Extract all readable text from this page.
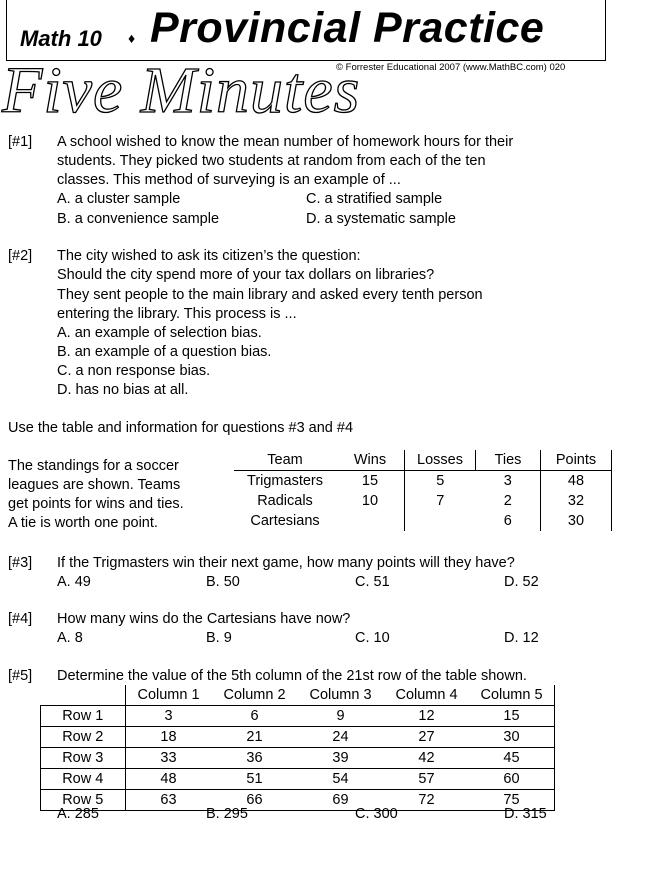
Math 10 ♦ Provincial Practice
© Forrester Educational 2007 (www.MathBC.com) 020
Five Minutes
[#1] A school wished to know the mean number of homework hours for their
students. They picked two students at random from each of the ten
classes. This method of surveying is an example of ...
A. a cluster sample	C. a stratified sample
B. a convenience sample	D. a systematic sample
[#2] The city wished to ask its citizen’s the question:
Should the city spend more of your tax dollars on libraries?
They sent people to the main library and asked every tenth person
entering the library. This process is ...
A. an example of selection bias.
B. an example of a question bias.
C. a non response bias.
D. has no bias at all.
Use the table and information for questions #3 and #4
The standings for a soccer
leagues are shown. Teams
get points for wins and ties.
A tie is worth one point.
Team	Wins	Losses	Ties	Points
Trigmasters	15	5	3	48
Radicals	10	7	2	32
Cartesians			6	30
[#3] If the Trigmasters win their next game, how many points will they have?
A. 49	B. 50	C. 51	D. 52
[#4] How many wins do the Cartesians have now?
A. 8	B. 9	C. 10	D. 12
[#5] Determine the value of the 5th column of the 21st row of the table shown.
	Column 1	Column 2	Column 3	Column 4	Column 5
Row 1	3	6	9	12	15
Row 2	18	21	24	27	30
Row 3	33	36	39	42	45
Row 4	48	51	54	57	60
Row 5	63	66	69	72	75
A. 285	B. 295	C. 300	D. 315
